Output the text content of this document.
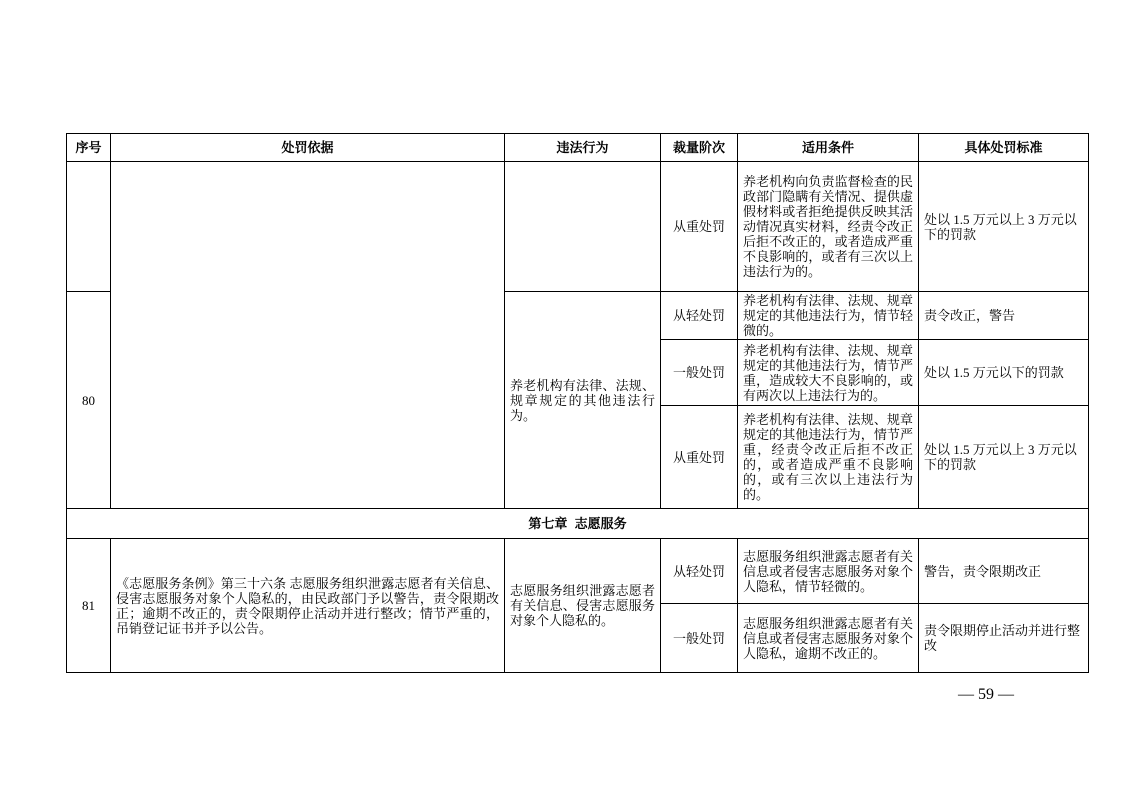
序号	处罚依据	违法行为	裁量阶次	适用条件	具体处罚标准
			从重处罚	养老机构向负责监督检查的民政部门隐瞒有关情况、提供虚假材料或者拒绝提供反映其活动情况真实材料，经责令改正后拒不改正的，或者造成严重不良影响的，或者有三次以上违法行为的。	处以 1.5 万元以上 3 万元以下的罚款
80		养老机构有法律、法规、规章规定的其他违法行为。	从轻处罚	养老机构有法律、法规、规章规定的其他违法行为，情节轻微的。	责令改正，警告
			一般处罚	养老机构有法律、法规、规章规定的其他违法行为，情节严重，造成较大不良影响的，或有两次以上违法行为的。	处以 1.5 万元以下的罚款
			从重处罚	养老机构有法律、法规、规章规定的其他违法行为，情节严重，经责令改正后拒不改正的，或者造成严重不良影响的，或有三次以上违法行为的。	处以 1.5 万元以上 3 万元以下的罚款
第七章  志愿服务					
81	《志愿服务条例》第三十六条 志愿服务组织泄露志愿者有关信息、侵害志愿服务对象个人隐私的，由民政部门予以警告，责令限期改正；逾期不改正的，责令限期停止活动并进行整改；情节严重的，吊销登记证书并予以公告。	志愿服务组织泄露志愿者有关信息、侵害志愿服务对象个人隐私的。	从轻处罚	志愿服务组织泄露志愿者有关信息或者侵害志愿服务对象个人隐私，情节轻微的。	警告，责令限期改正
			一般处罚	志愿服务组织泄露志愿者有关信息或者侵害志愿服务对象个人隐私，逾期不改正的。	责令限期停止活动并进行整改
— 59 —
